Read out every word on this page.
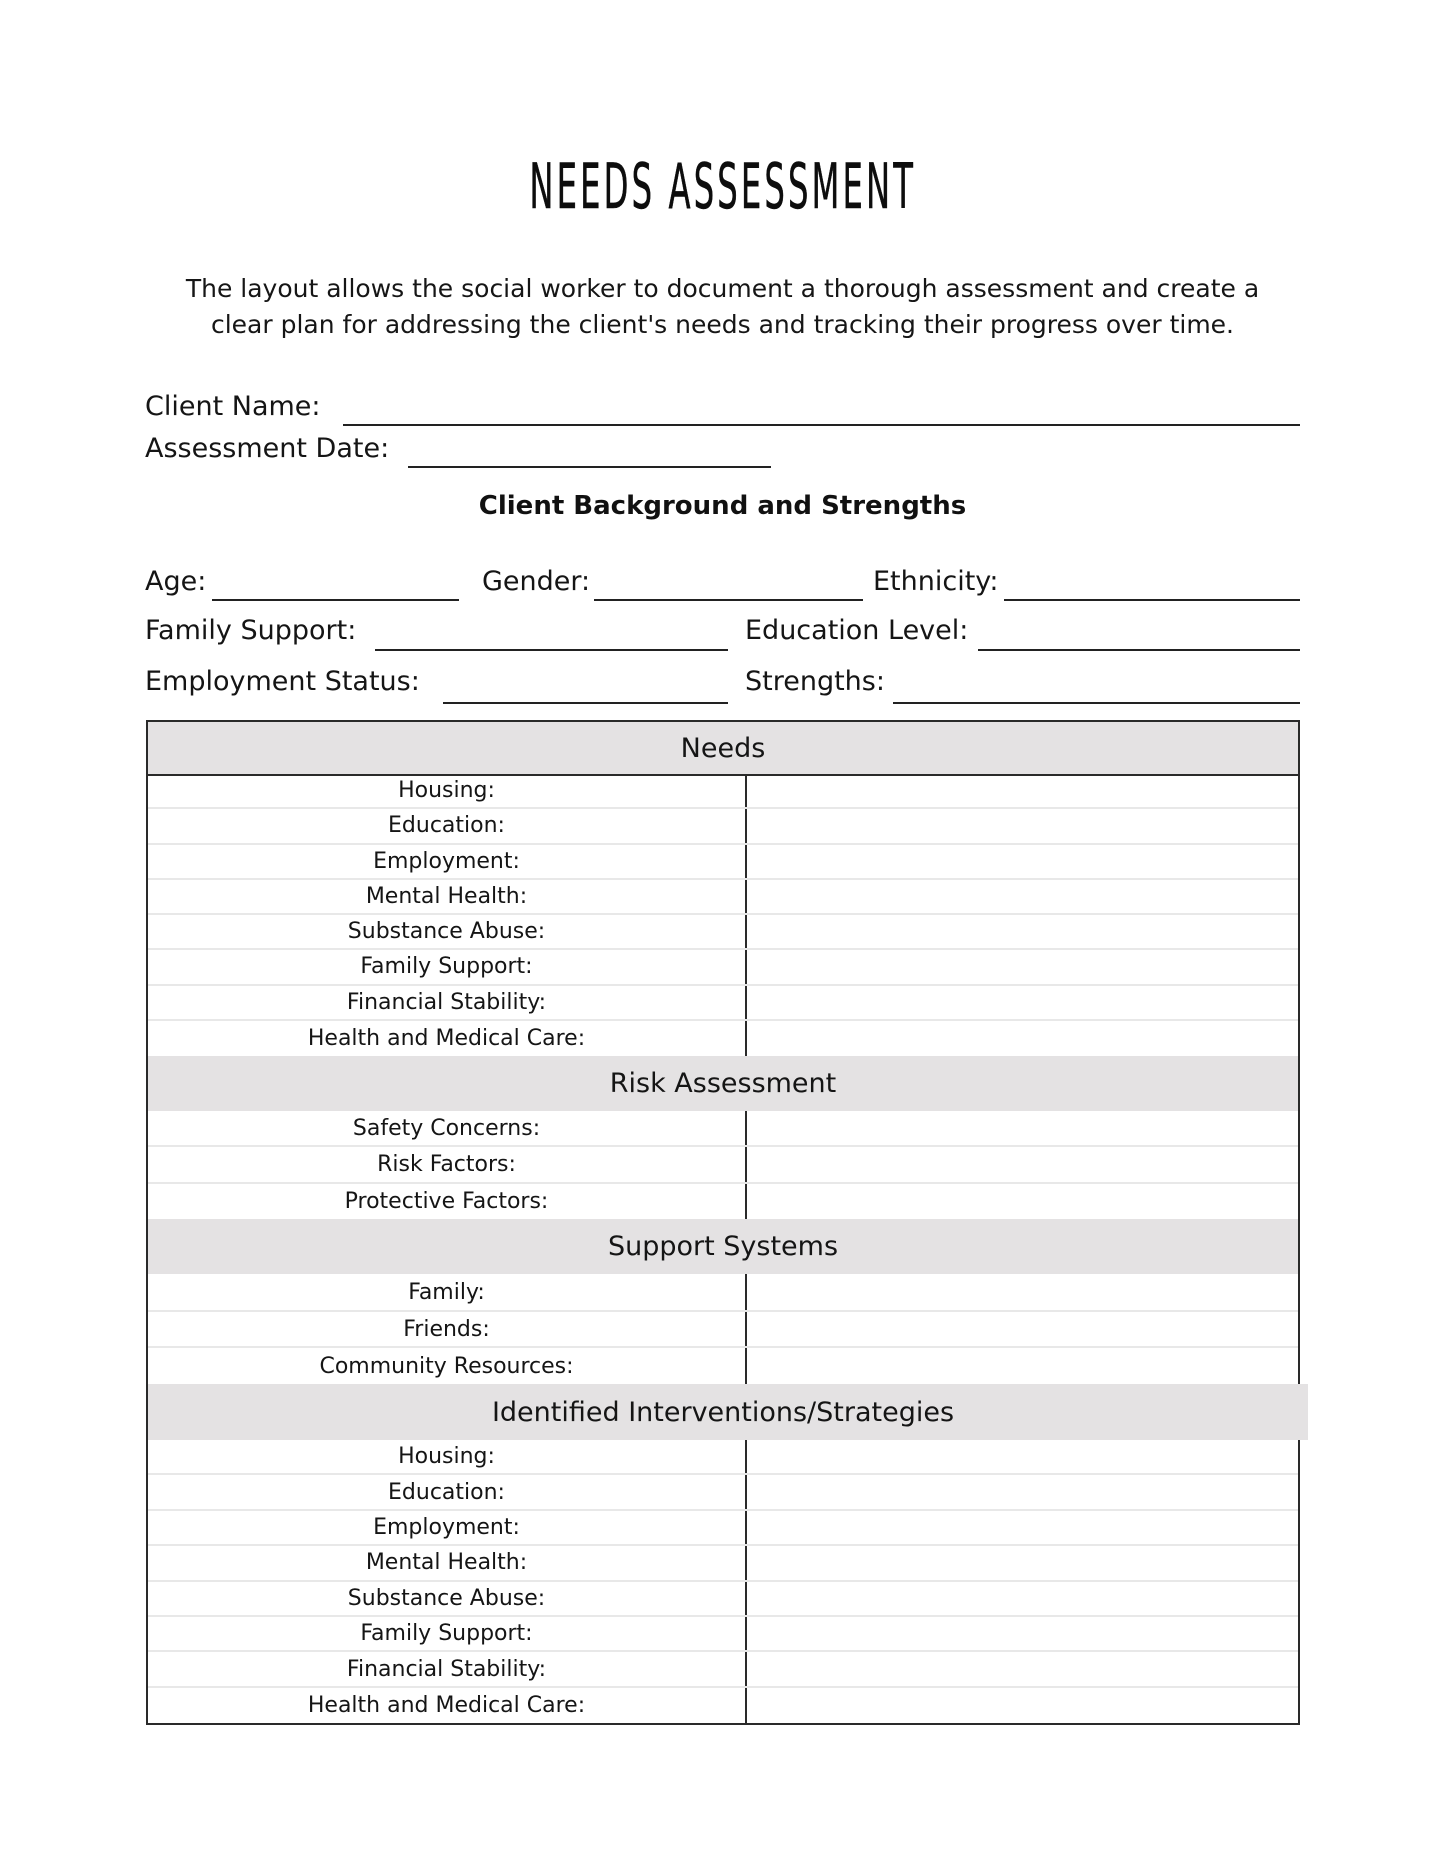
NEEDS ASSESSMENT
The layout allows the social worker to document a thorough assessment and create a
clear plan for addressing the client's needs and tracking their progress over time.
Client Name:
Assessment Date:
Client Background and Strengths
Age:	Gender:	Ethnicity:
Family Support:	Education Level:
Employment Status:	Strengths:
Needs
Housing:
Education:
Employment:
Mental Health:
Substance Abuse:
Family Support:
Financial Stability:
Health and Medical Care:
Risk Assessment
Safety Concerns:
Risk Factors:
Protective Factors:
Support Systems
Family:
Friends:
Community Resources:
Identified Interventions/Strategies
Housing:
Education:
Employment:
Mental Health:
Substance Abuse:
Family Support:
Financial Stability:
Health and Medical Care:
